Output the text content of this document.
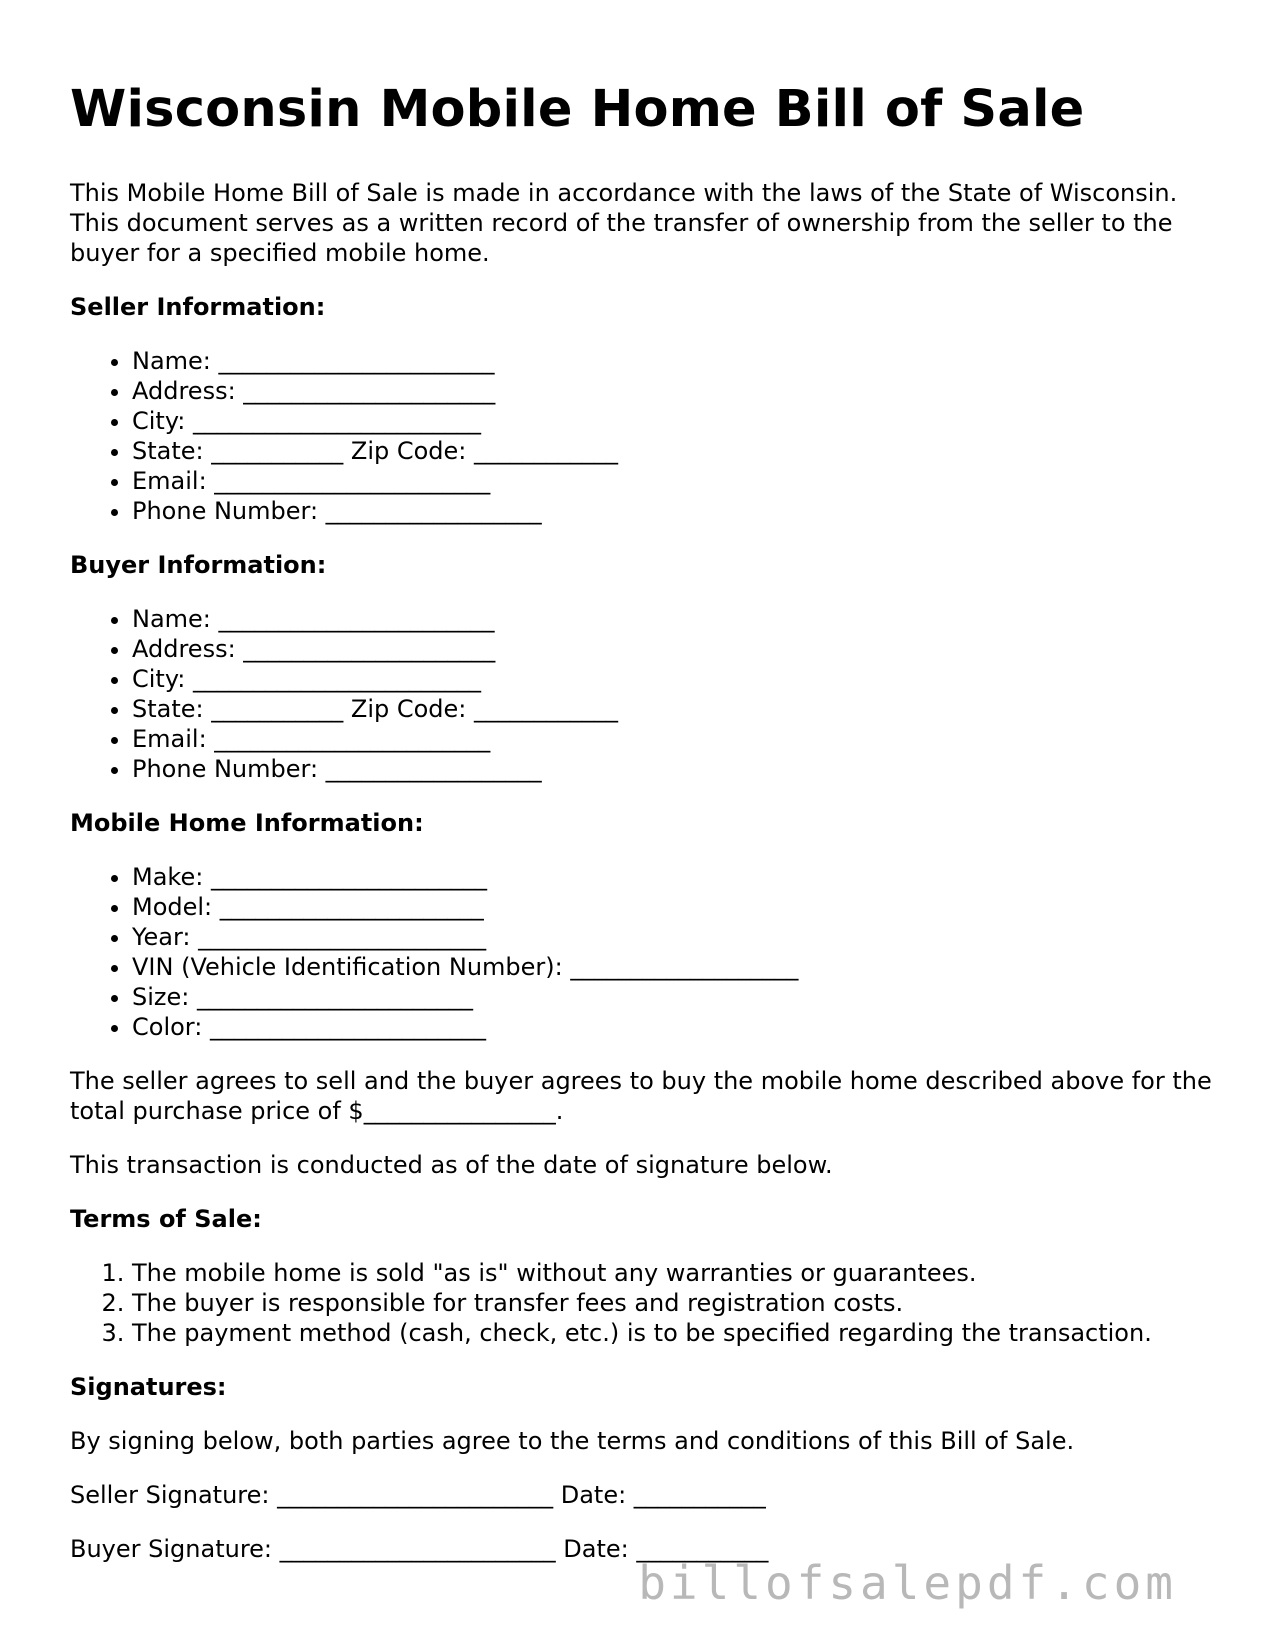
Wisconsin Mobile Home Bill of Sale

This Mobile Home Bill of Sale is made in accordance with the laws of the State of Wisconsin. This document serves as a written record of the transfer of ownership from the seller to the buyer for a specified mobile home.

Seller Information:
• Name: _______________________
• Address: _____________________
• City: ________________________
• State: ___________ Zip Code: ____________
• Email: _______________________
• Phone Number: __________________
Buyer Information:
• Name: _______________________
• Address: _____________________
• City: ________________________
• State: ___________ Zip Code: ____________
• Email: _______________________
• Phone Number: __________________
Mobile Home Information:
• Make: _______________________
• Model: ______________________
• Year: ________________________
• VIN (Vehicle Identification Number): ___________________
• Size: _______________________
• Color: _______________________

The seller agrees to sell and the buyer agrees to buy the mobile home described above for the total purchase price of $________________.

This transaction is conducted as of the date of signature below.

Terms of Sale:
1. The mobile home is sold "as is" without any warranties or guarantees.
2. The buyer is responsible for transfer fees and registration costs.
3. The payment method (cash, check, etc.) is to be specified regarding the transaction.
Signatures:

By signing below, both parties agree to the terms and conditions of this Bill of Sale.

Seller Signature: _______________________ Date: ___________
Buyer Signature: _______________________ Date: ___________
billofsalepdf.com
